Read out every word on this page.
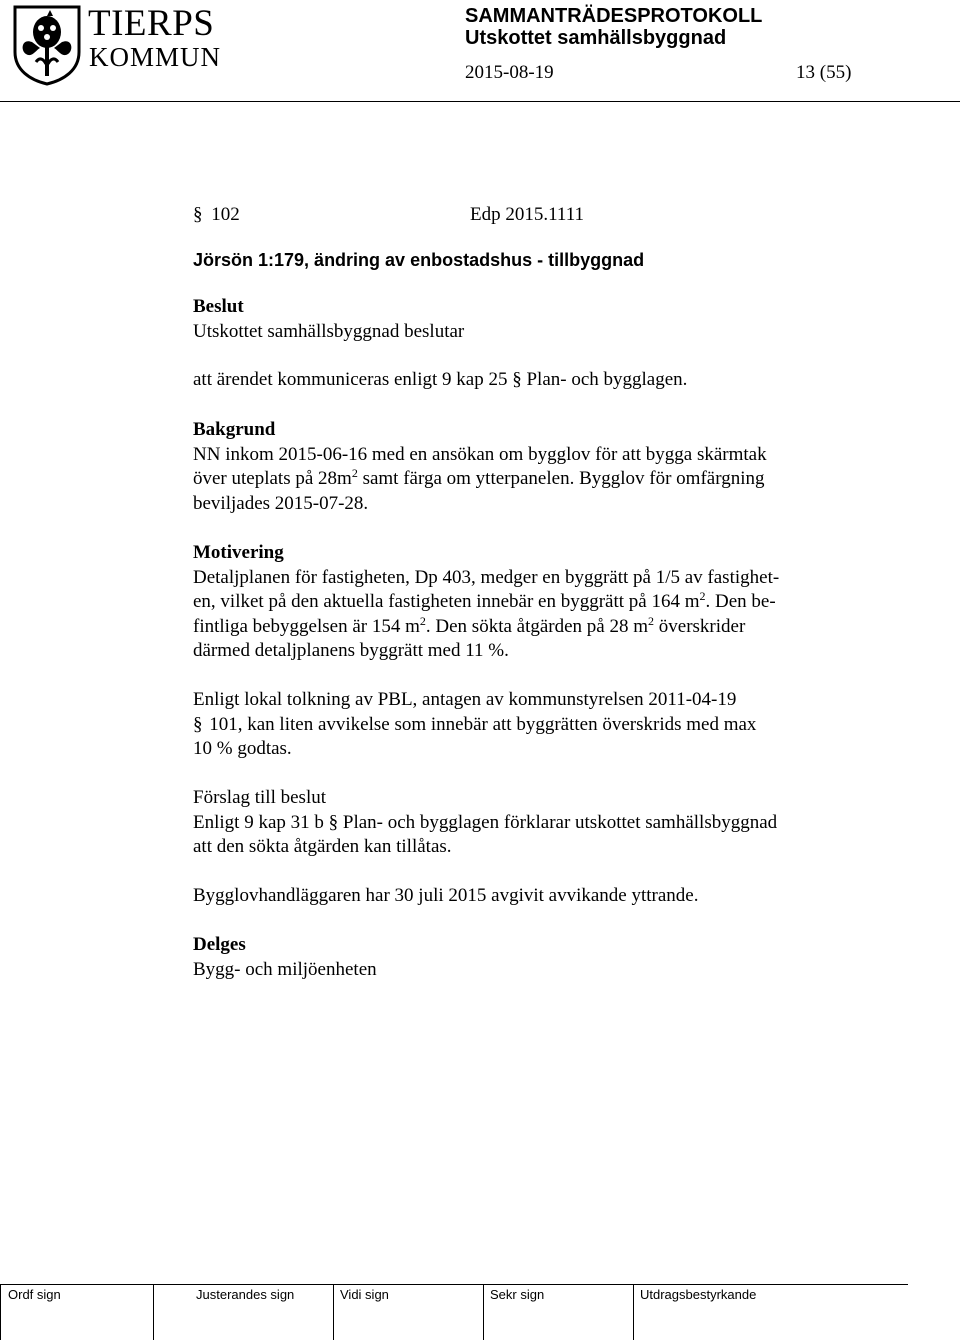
TIERPS
KOMMUN
SAMMANTRÄDESPROTOKOLL
Utskottet samhällsbyggnad
2015-08-19	13 (55)
§ 102	Edp 2015.1111
Jörsön 1:179, ändring av enbostadshus - tillbyggnad
Beslut
Utskottet samhällsbyggnad beslutar
att ärendet kommuniceras enligt 9 kap 25 § Plan- och bygglagen.
Bakgrund
NN inkom 2015-06-16 med en ansökan om bygglov för att bygga skärmtak
över uteplats på $28m^2$ samt färga om ytterpanelen. Bygglov för omfärgning
beviljades 2015-07-28.
Motivering
Detaljplanen för fastigheten, Dp 403, medger en byggrätt på 1/5 av fastighet-
en, vilket på den aktuella fastigheten innebär en byggrätt på 164 $m^2$. Den be-
fintliga bebyggelsen är 154 $m^2$. Den sökta åtgärden på 28 $m^2$ överskrider
därmed detaljplanens byggrätt med 11 %.
Enligt lokal tolkning av PBL, antagen av kommunstyrelsen 2011-04-19
§ 101, kan liten avvikelse som innebär att byggrätten överskrids med max
10 % godtas.
Förslag till beslut
Enligt 9 kap 31 b § Plan- och bygglagen förklarar utskottet samhällsbyggnad
att den sökta åtgärden kan tillåtas.
Bygglovhandläggaren har 30 juli 2015 avgivit avvikande yttrande.
Delges
Bygg- och miljöenheten
Ordf sign	Justerandes sign	Vidi sign	Sekr sign	Utdragsbestyrkande
